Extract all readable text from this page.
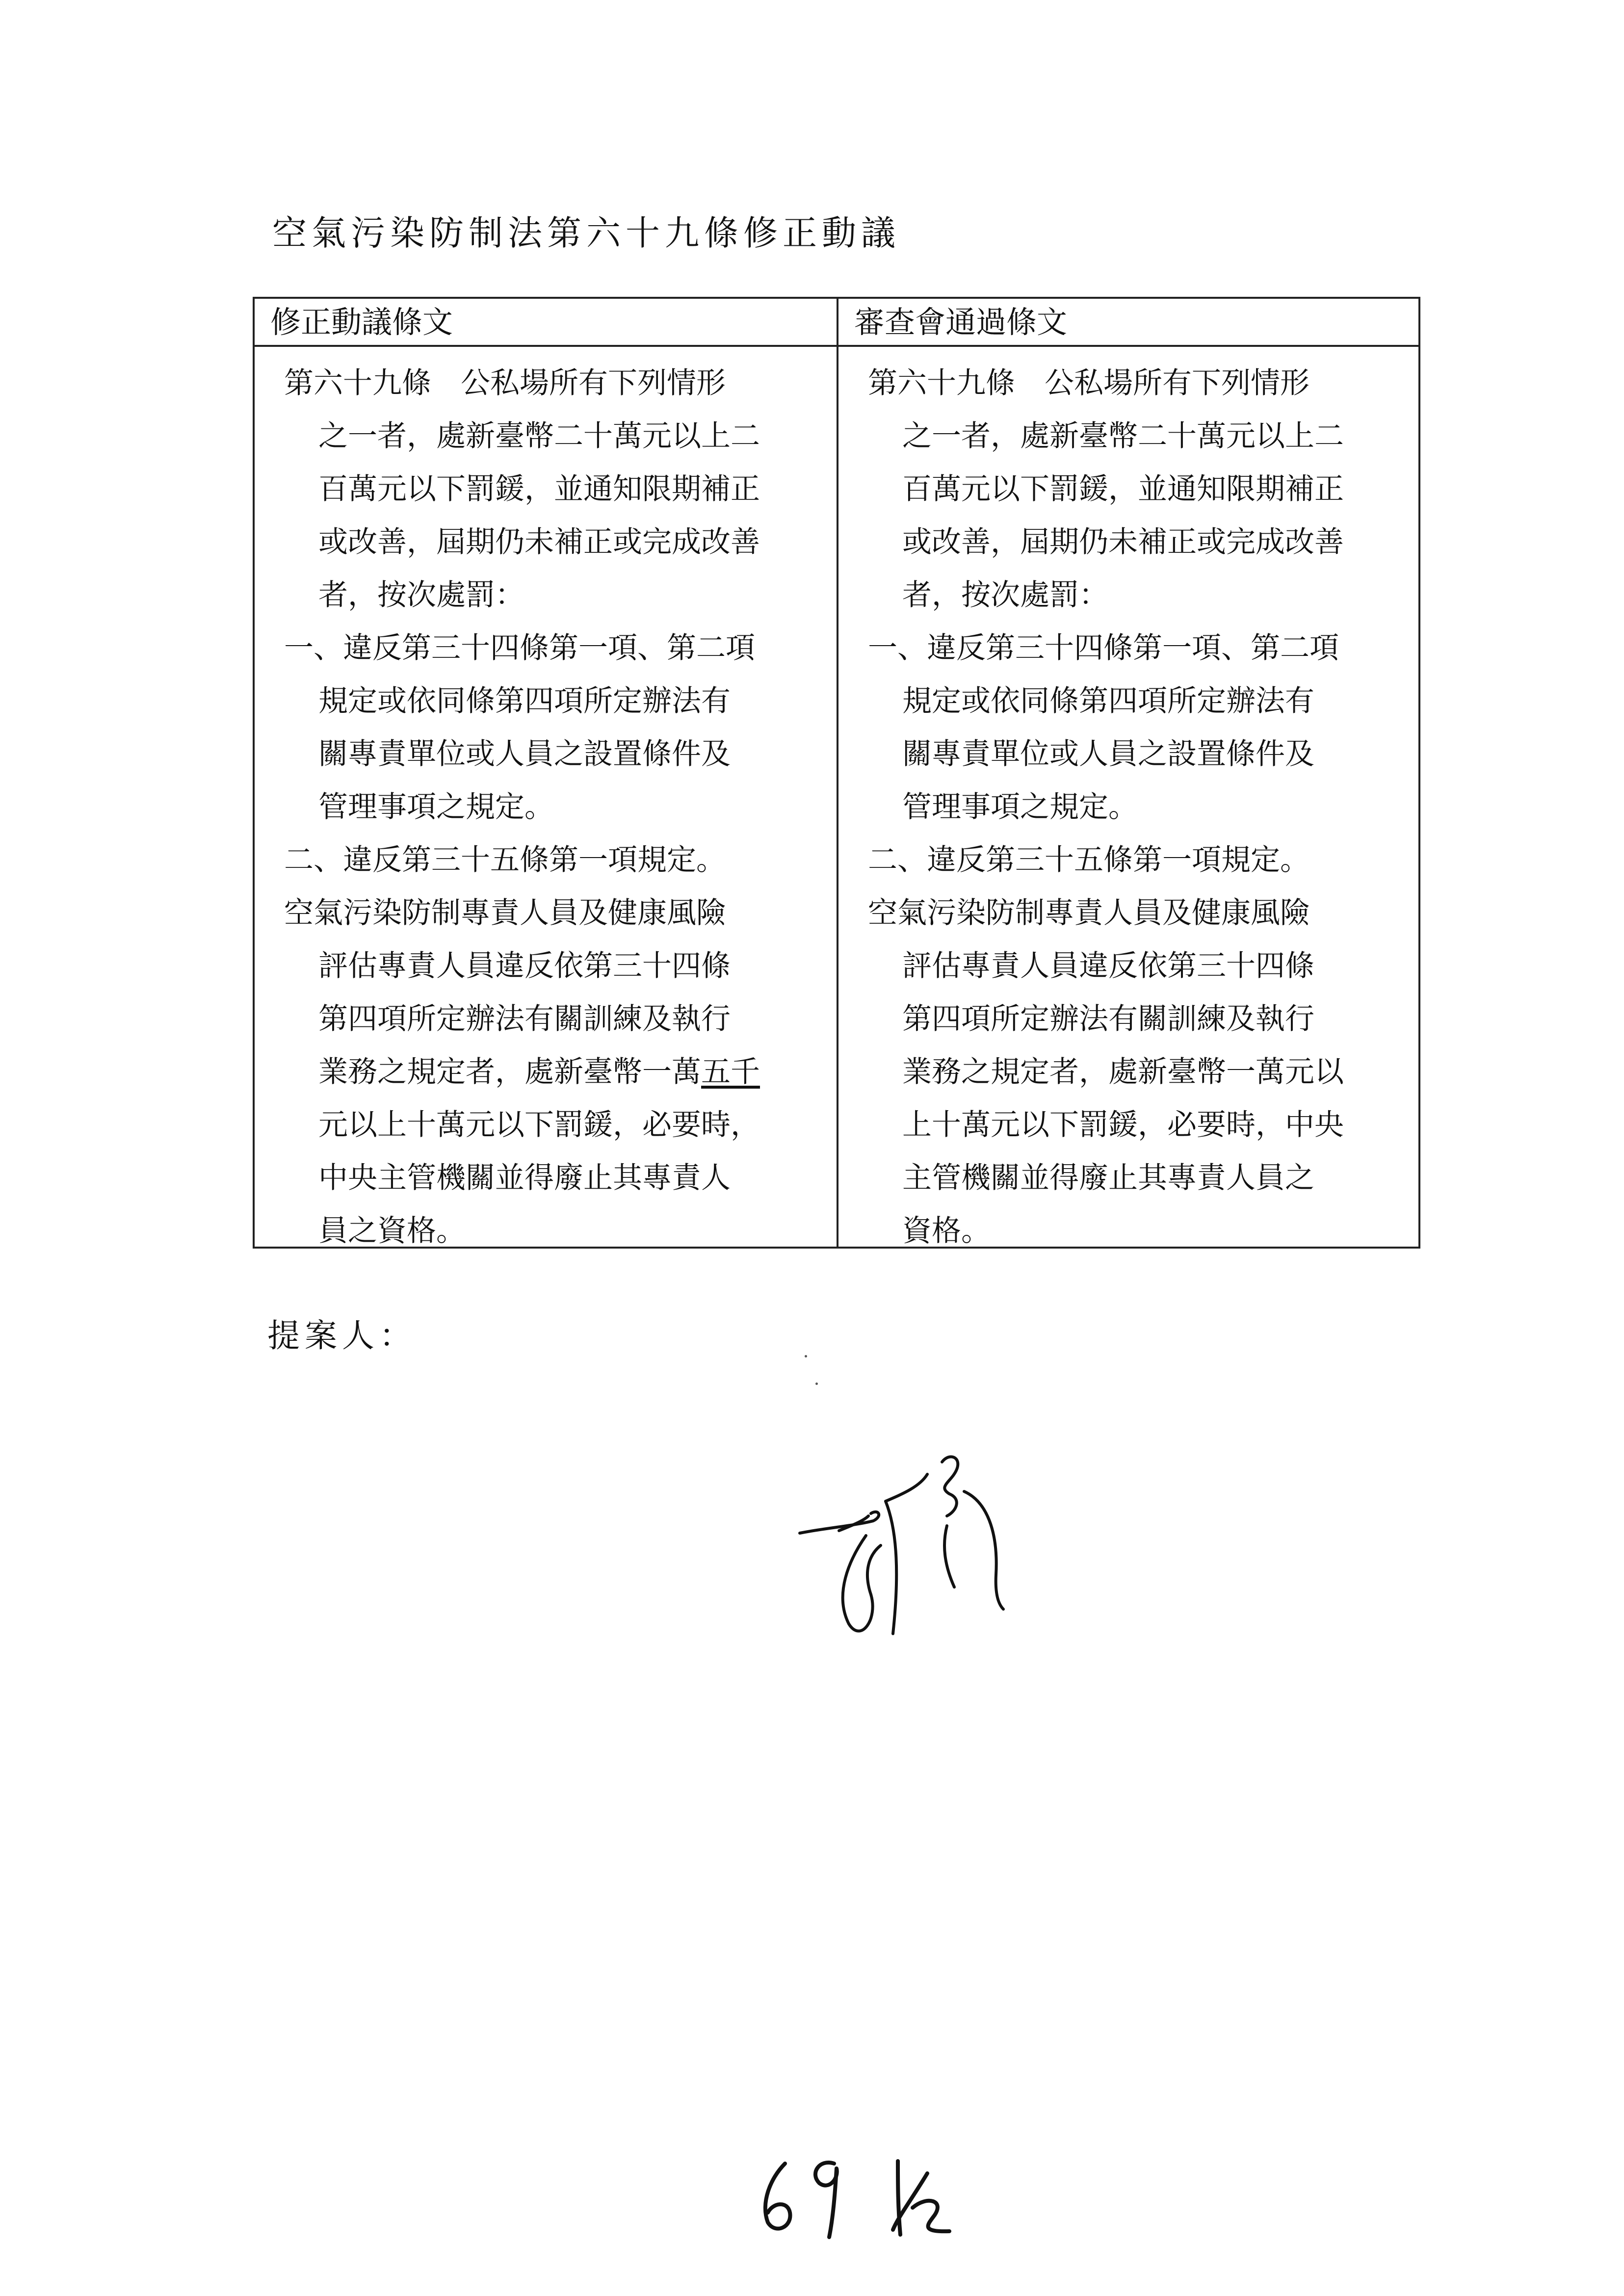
空氣污染防制法第六十九條修正動議
修正動議條文	審查會通過條文

第六十九條　公私場所有下列情形
之一者，處新臺幣二十萬元以上二
百萬元以下罰鍰，並通知限期補正
或改善，屆期仍未補正或完成改善
者，按次處罰：

一、違反第三十四條第一項、第二項
規定或依同條第四項所定辦法有
關專責單位或人員之設置條件及
管理事項之規定。

二、違反第三十五條第一項規定。

空氣污染防制專責人員及健康風險
評估專責人員違反依第三十四條
第四項所定辦法有關訓練及執行
業務之規定者，處新臺幣一萬五千
元以上十萬元以下罰鍰，必要時，
中央主管機關並得廢止其專責人
員之資格。

第六十九條　公私場所有下列情形
之一者，處新臺幣二十萬元以上二
百萬元以下罰鍰，並通知限期補正
或改善，屆期仍未補正或完成改善
者，按次處罰：

一、違反第三十四條第一項、第二項
規定或依同條第四項所定辦法有
關專責單位或人員之設置條件及
管理事項之規定。

二、違反第三十五條第一項規定。

空氣污染防制專責人員及健康風險
評估專責人員違反依第三十四條
第四項所定辦法有關訓練及執行
業務之規定者，處新臺幣一萬元以
上十萬元以下罰鍰，必要時，中央
主管機關並得廢止其專責人員之
資格。

提案人：
